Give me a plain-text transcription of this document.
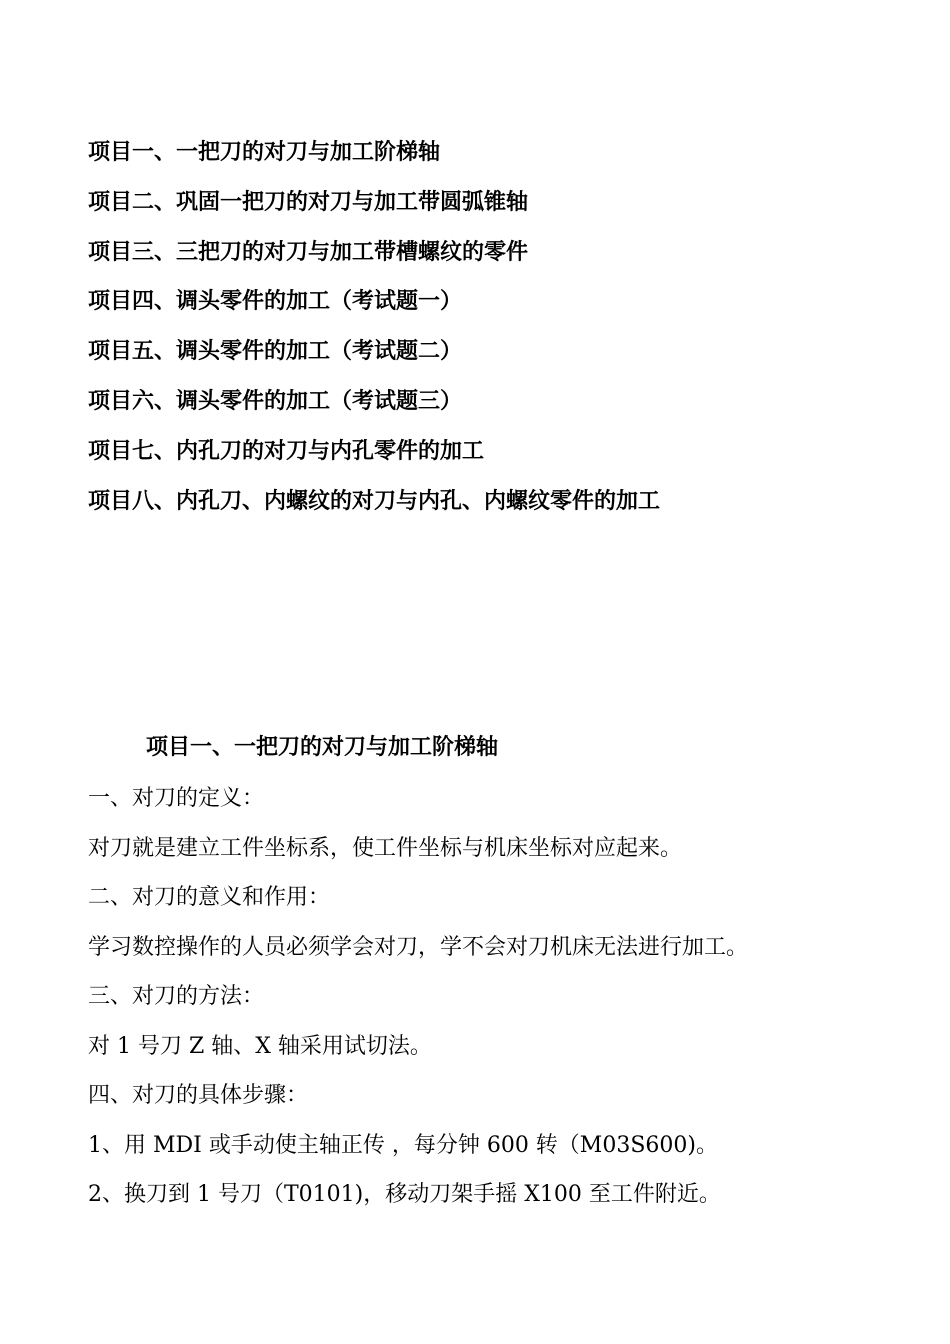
项目一、一把刀的对刀与加工阶梯轴
项目二、巩固一把刀的对刀与加工带圆弧锥轴
项目三、三把刀的对刀与加工带槽螺纹的零件
项目四、调头零件的加工（考试题一）
项目五、调头零件的加工（考试题二）
项目六、调头零件的加工（考试题三）
项目七、内孔刀的对刀与内孔零件的加工
项目八、内孔刀、内螺纹的对刀与内孔、内螺纹零件的加工
项目一、一把刀的对刀与加工阶梯轴
一、对刀的定义：
对刀就是建立工件坐标系，使工件坐标与机床坐标对应起来。
二、对刀的意义和作用：
学习数控操作的人员必须学会对刀，学不会对刀机床无法进行加工。
三、对刀的方法：
对 1 号刀 Z 轴、X 轴采用试切法。
四、对刀的具体步骤：
1、用 MDI 或手动使主轴正传 ，每分钟 600 转（M03S600)。
2、换刀到 1 号刀（T0101)，移动刀架手摇 X100 至工件附近。
